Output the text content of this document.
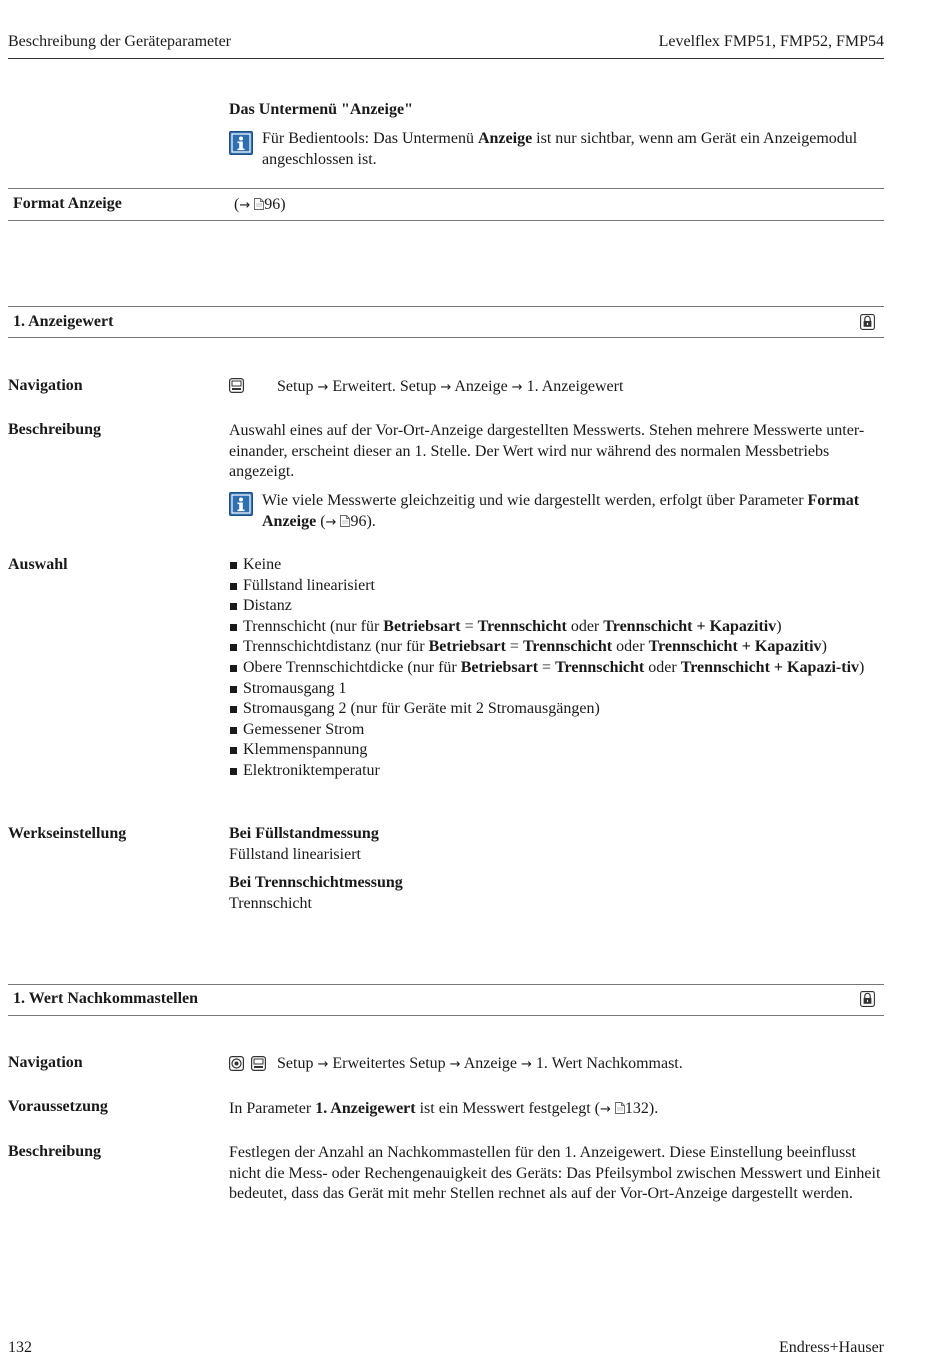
Beschreibung der Geräteparameter	Levelflex FMP51, FMP52, FMP54
Das Untermenü "Anzeige"
Für Bedientools: Das Untermenü Anzeige ist nur sichtbar, wenn am Gerät ein Anzeigemodul angeschlossen ist.
Format Anzeige	(→ 96)
1. Anzeigewert
Navigation	Setup → Erweitert. Setup → Anzeige → 1. Anzeigewert
Beschreibung	Auswahl eines auf der Vor-Ort-Anzeige dargestellten Messwerts. Stehen mehrere Messwerte unter-einander, erscheint dieser an 1. Stelle. Der Wert wird nur während des normalen Messbetriebs angezeigt.
Wie viele Messwerte gleichzeitig und wie dargestellt werden, erfolgt über Parameter Format Anzeige (→ 96).
Auswahl	Keine
Füllstand linearisiert
Distanz
Trennschicht (nur für Betriebsart = Trennschicht oder Trennschicht + Kapazitiv)
Trennschichtdistanz (nur für Betriebsart = Trennschicht oder Trennschicht + Kapazitiv)
Obere Trennschichtdicke (nur für Betriebsart = Trennschicht oder Trennschicht + Kapazi-tiv)
Stromausgang 1
Stromausgang 2 (nur für Geräte mit 2 Stromausgängen)
Gemessener Strom
Klemmenspannung
Elektroniktemperatur
Werkseinstellung	Bei Füllstandmessung
Füllstand linearisiert
Bei Trennschichtmessung
Trennschicht
1. Wert Nachkommastellen
Navigation	Setup → Erweitertes Setup → Anzeige → 1. Wert Nachkommast.
Voraussetzung	In Parameter 1. Anzeigewert ist ein Messwert festgelegt (→ 132).
Beschreibung	Festlegen der Anzahl an Nachkommastellen für den 1. Anzeigewert. Diese Einstellung beeinflusst nicht die Mess- oder Rechengenauigkeit des Geräts: Das Pfeilsymbol zwischen Messwert und Einheit bedeutet, dass das Gerät mit mehr Stellen rechnet als auf der Vor-Ort-Anzeige dargestellt werden.
132	Endress+Hauser
